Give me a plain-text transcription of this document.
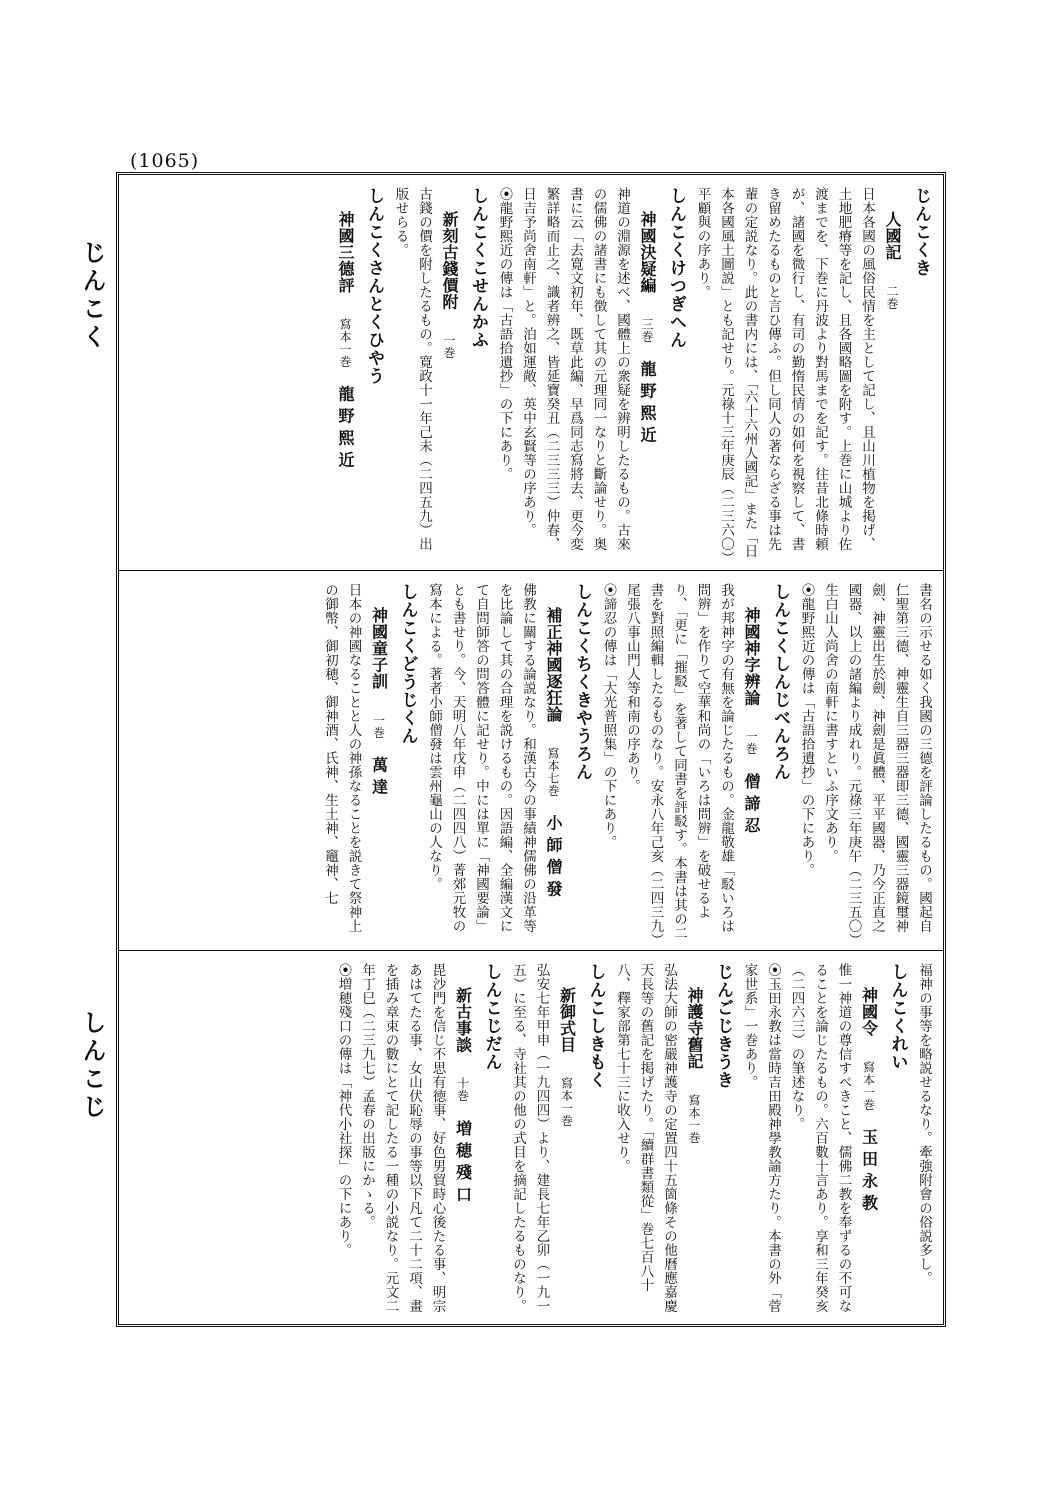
(1065)
じんこく
しんこじ

じんこくき

人國記二巻

日本各國の風俗民情を主として記し、且山川植物を掲げ、土地肥瘠等を記し、且各國略圖を附す。上巻に山城より佐渡までを、下巻に丹波より對馬までを記す。往昔北條時頼が、諸國を微行し、有司の勤惰民情の如何を視察して、書き留めたるものと言ひ傳ふ。但し同人の著ならざる事は先輩の定説なり。此の書内には、「六十六州人國記」また「日本各國風土圖説」とも記せり。元祿十三年庚辰（二三六〇）平顧與の序あり。

しんこくけつぎへん

神國決疑編三巻龍野熙近

神道の淵源を述べ、國體上の衆疑を辨明したるもの。古來の儒佛の諸書にも徴して其の元理同一なりと斷論せり。奥書に云「去寛文初年、既草此編、早爲同志寫將去、更今変繁詳略而止之、識者辨之、皆延寶癸丑（二三三三）仲春、日吉予尚舍南軒」と。泊如運敞、英中玄賢等の序あり。

⦿龍野熙近の傳は「古語拾遺抄」の下にあり。

しんこくこせんかふ

新刻古錢價附一巻

古錢の價を附したるもの。寛政十一年己未（二四五九）出版せらる。

しんこくさんとくひやう

神國三德評寫本一巻龍野熙近

書名の示せる如く我國の三德を評論したるもの。國起自仁聖第三德、神靈生自三器三器即三德、國靈三器鏡璽神劍、神靈出生於劍、神劍是眞體、平平國器、乃今正直之國器、以上の諸編より成れり。元祿三年庚午（二三五〇）生白山人尚舍の南軒に書すといふ序文あり。

⦿龍野熙近の傳は「古語拾遺抄」の下にあり。

しんこくしんじべんろん

神國神字辨論一巻僧諦忍

我が邦神字の有無を論じたるもの。金龍敬雄「駁いろは問辨」を作りて空華和尚の「いろは問辨」を破せるより、「更に「摧駁」を著して同書を評駁す。本書は其の二書を對照編輯したるものなり。安永八年己亥（二四三九）尾張八事山門人等和南の序あり。

⦿諦忍の傳は「大光普照集」の下にあり。

しんこくちくきやうろん

補正神國逐狂論寫本七巻小師僧發

佛教に關する論説なり。和漢古今の事績神儒佛の沿革等を比論して其の合理を説けるもの。因語編、全編漢文にて自問師答の問答體に記せり。中には單に「神國要論」とも書せり。今、天明八年戊申（二四四八）菁郊元牧の寫本による。著者小師僧發は雲州龜山の人なり。

しんこくどうじくん

神國童子訓一巻萬達

日本の神國なることと人の神孫なることを説きて祭神上の御幣、御初穂、御神酒、氏神、生土神、竈神、七

福神の事等を略説せるなり。牽強附會の俗説多し。

しんこくれい

神國令寫本一巻玉田永教

惟一神道の尊信すべきこと、儒佛二教を奉ずるの不可なることを論じたるもの。六百數十言あり。享和三年癸亥（二四六三）の筆述なり。

⦿玉田永教は當時吉田殿神學教諭方たり。本書の外「菅家世系」一巻あり。

じんごじきうき

神護寺舊記寫本一巻

弘法大師の密嚴神護寺の定置四十五箇條その他曆應嘉慶天長等の舊記を掲げたり。「續群書類從」巻七百八十八、釋家部第七十三に收入せり。

しんこしきもく

新御式目寫本一巻

弘安七年甲申（一九四四）より、建長七年乙卯（一九一五）に至る、寺社其の他の式目を摘記したるものなり。

しんこじだん

新古事談十巻増穂殘口

毘沙門を信じ不思有徳事、好色男貿時心後たる事、明宗あはてたる事、女山伏恥辱の事等以下凡て二十二項、畫を插み章束の數にとて記したる一種の小説なり。元文二年丁巳（二三九七）孟春の出版にかゝる。

⦿増穂殘口の傳は「神代小社探」の下にあり。
